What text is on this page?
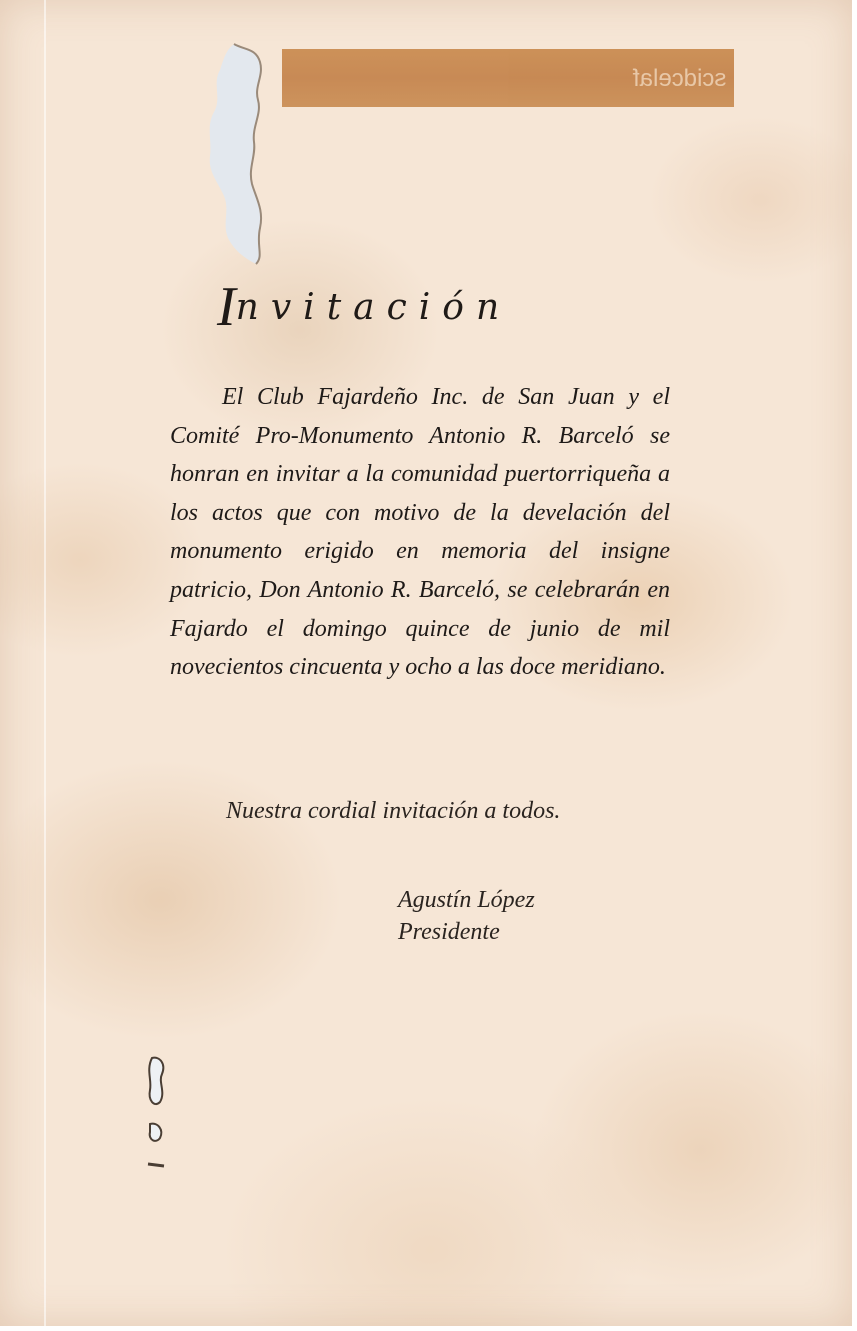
scidcelaf
Invitación

El Club Fajardeño Inc. de San Juan y el Comité Pro-Monumento Antonio R. Barceló se honran en invitar a la comunidad puertorriqueña a los actos que con motivo de la develación del monumento erigido en memoria del insigne patricio, Don Antonio R. Barceló, se celebrarán en Fajardo el domingo quince de junio de mil novecientos cincuenta y ocho a las doce meridiano.

Nuestra cordial invitación a todos.
Agustín López
Presidente
